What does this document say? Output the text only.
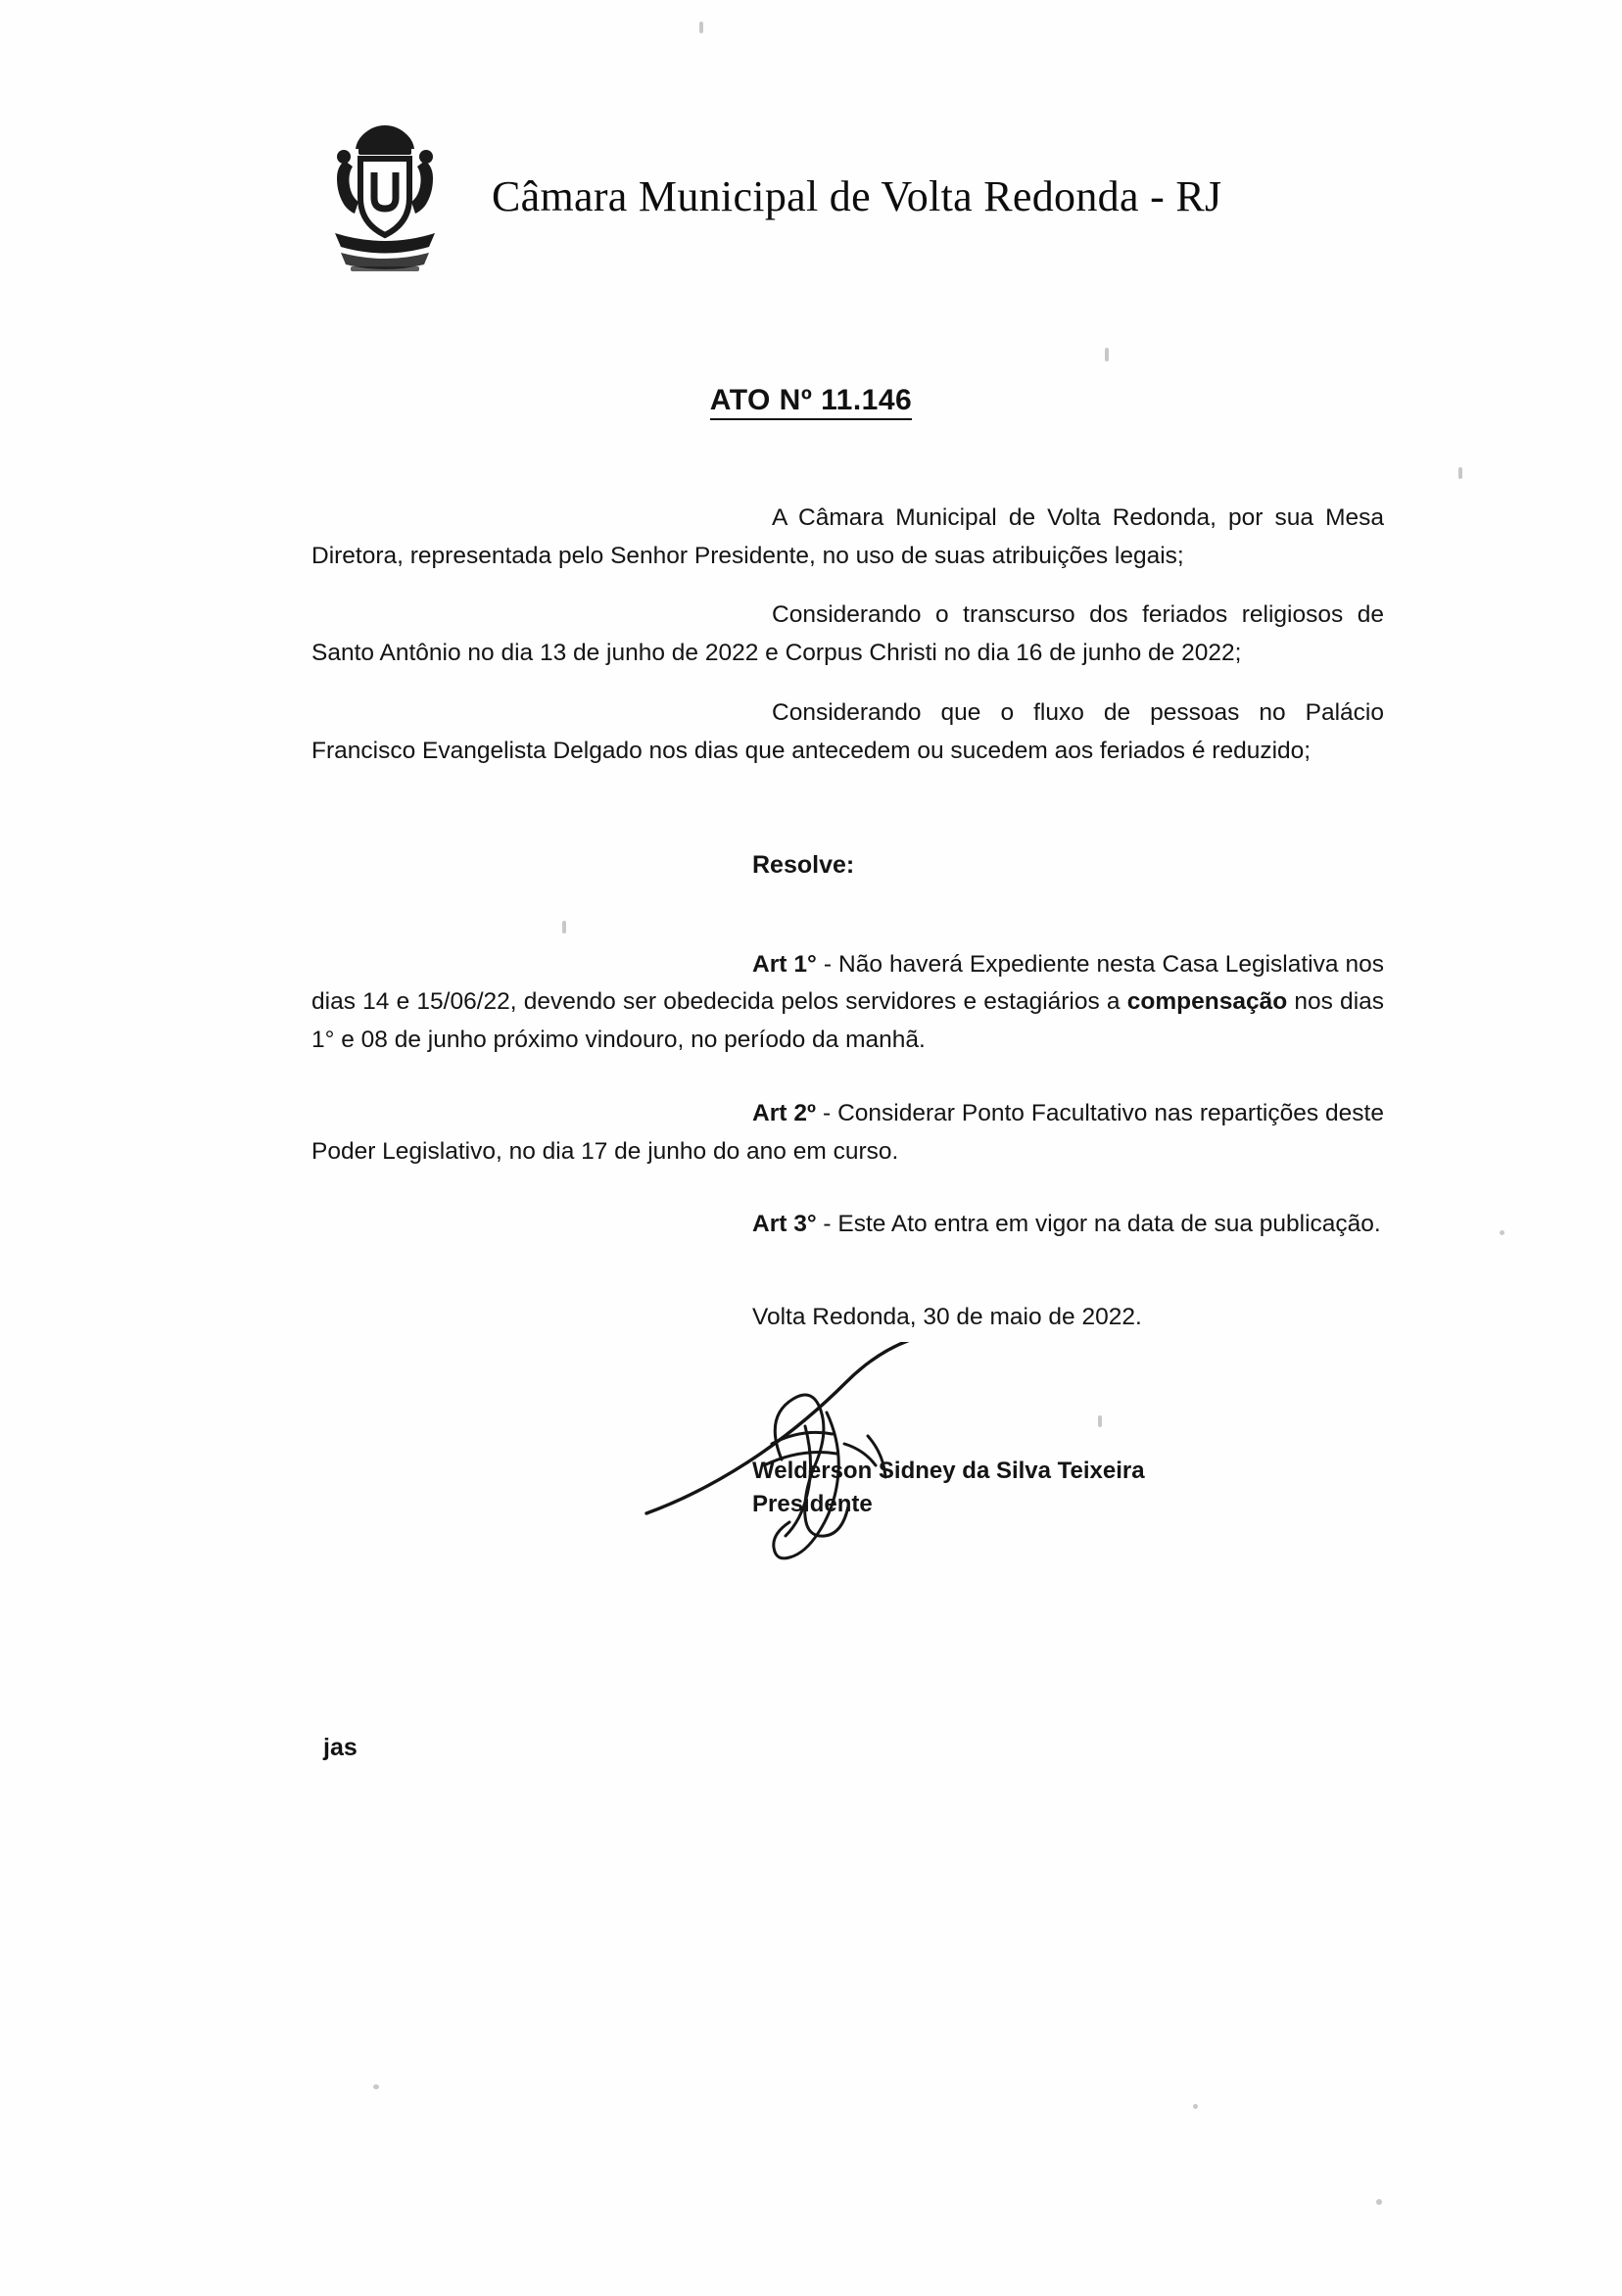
Câmara Municipal de Volta Redonda - RJ
ATO Nº 11.146

A Câmara Municipal de Volta Redonda, por sua Mesa Diretora, representada pelo Senhor Presidente, no uso de suas atribuições legais;

Considerando o transcurso dos feriados religiosos de Santo Antônio no dia 13 de junho de 2022 e Corpus Christi no dia 16 de junho de 2022;

Considerando que o fluxo de pessoas no Palácio Francisco Evangelista Delgado nos dias que antecedem ou sucedem aos feriados é reduzido;

Resolve:

Art 1° - Não haverá Expediente nesta Casa Legislativa nos dias 14 e 15/06/22, devendo ser obedecida pelos servidores e estagiários a compensação nos dias 1° e 08 de junho próximo vindouro, no período da manhã.

Art 2º - Considerar Ponto Facultativo nas repartições deste Poder Legislativo, no dia 17 de junho do ano em curso.

Art 3° - Este Ato entra em vigor na data de sua publicação.

Volta Redonda, 30 de maio de 2022.

Welderson Sidney da Silva Teixeira
Presidente
jas
